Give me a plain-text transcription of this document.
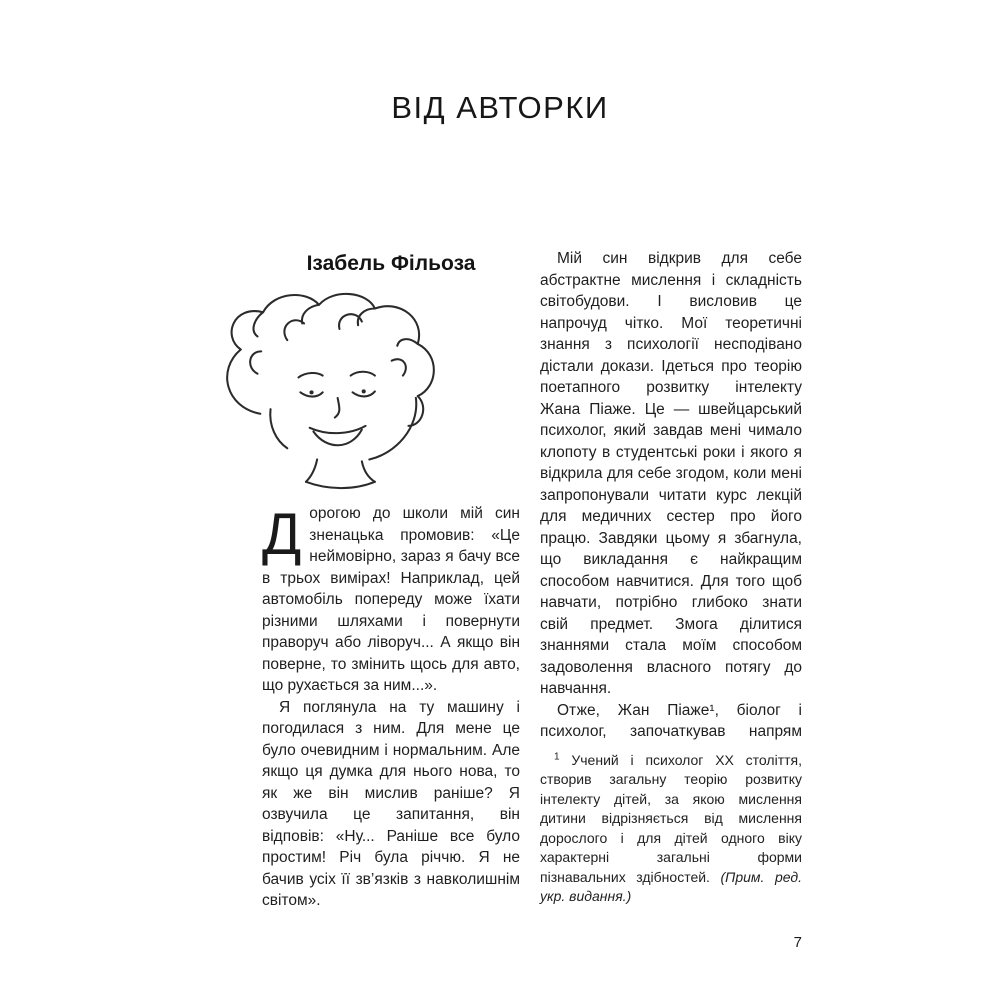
ВІД АВТОРКИ
Ізабель Фільоза

Дорогою до школи мій син зненацька промовив: «Це неймовірно, зараз я бачу все в трьох вимірах! Наприклад, цей автомобіль попереду може їхати різними шляхами і повернути праворуч або ліворуч... А якщо він поверне, то змінить щось для авто, що рухається за ним...».

Я поглянула на ту машину і погодилася з ним. Для мене це було очевидним і нормальним. Але якщо ця думка для нього нова, то як же він мислив раніше? Я озвучила це запитання, він відповів: «Ну... Раніше все було простим! Річ була річчю. Я не бачив усіх її зв’язків з навколишнім світом».

Мій син відкрив для себе абстрактне мислення і складність світобудови. І висловив це напрочуд чітко. Мої теоретичні знання з психології несподівано дістали докази. Ідеться про теорію поетапного розвитку інтелекту Жана Піаже. Це — швейцарський психолог, який завдав мені чимало клопоту в студентські роки і якого я відкрила для себе згодом, коли мені запропонували читати курс лекцій для медичних сестер про його працю. Завдяки цьому я збагнула, що викладання є найкращим способом навчитися. Для того щоб навчати, потрібно глибоко знати свій предмет. Змога ділитися знаннями стала моїм способом задоволення власного потягу до навчання.

Отже, Жан Піаже¹, біолог і психолог, започаткував напрям

$^1$ Учений і психолог XX століття, створив загальну теорію розвитку інтелекту дітей, за якою мислення дитини відрізняється від мислення дорослого і для дітей одного віку характерні загальні форми пізнавальних здібностей. (Прим. ред. укр. видання.)
7
